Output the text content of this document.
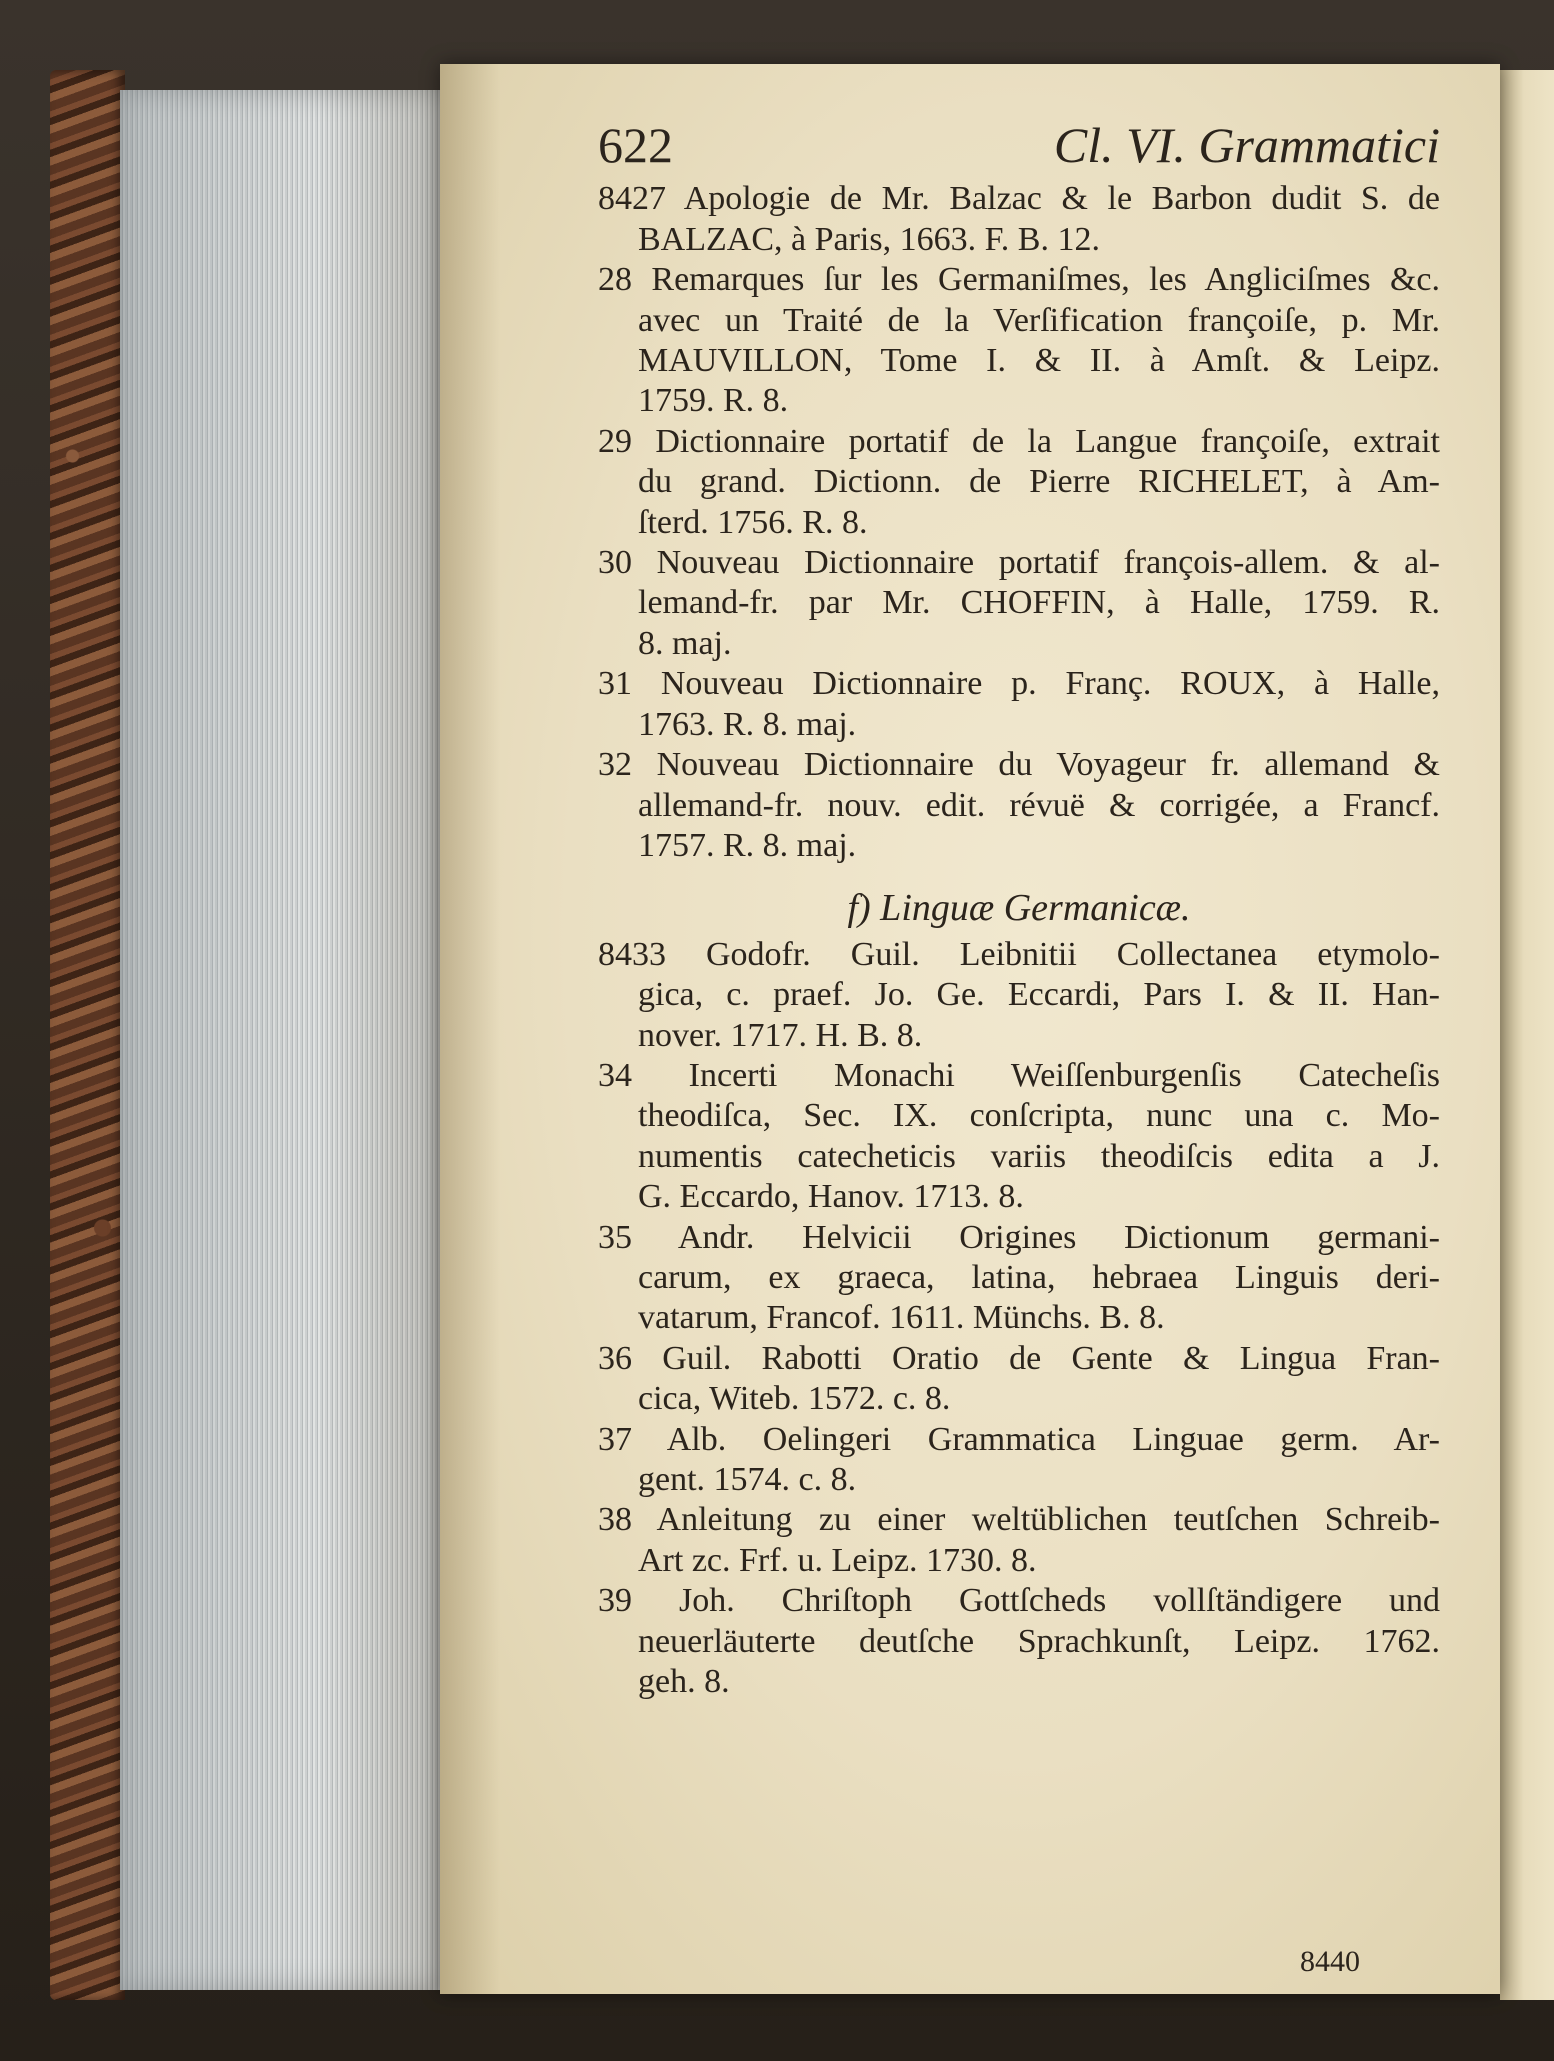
622	Cl. VI. Grammatici
8427 Apologie de Mr. Balzac & le Barbon dudit S. de
BALZAC, à Paris, 1663. F. B. 12.
28 Remarques ſur les Germaniſmes, les Angliciſmes &c.
avec un Traité de la Verſification françoiſe, p. Mr.
MAUVILLON, Tome I. & II. à Amſt. & Leipz.
1759. R. 8.
29 Dictionnaire portatif de la Langue françoiſe, extrait
du grand. Dictionn. de Pierre RICHELET, à Am-
ſterd. 1756. R. 8.
30 Nouveau Dictionnaire portatif françois-allem. & al-
lemand-fr. par Mr. CHOFFIN, à Halle, 1759. R.
8. maj.
31 Nouveau Dictionnaire p. Franç. ROUX, à Halle,
1763. R. 8. maj.
32 Nouveau Dictionnaire du Voyageur fr. allemand &
allemand-fr. nouv. edit. révuë & corrigée, a Francf.
1757. R. 8. maj.
f) Linguæ Germanicæ.
8433 Godofr. Guil. Leibnitii Collectanea etymolo-
gica, c. praef. Jo. Ge. Eccardi, Pars I. & II. Han-
nover. 1717. H. B. 8.
34 Incerti Monachi Weiſſenburgenſis Catecheſis
theodiſca, Sec. IX. conſcripta, nunc una c. Mo-
numentis catecheticis variis theodiſcis edita a J.
G. Eccardo, Hanov. 1713. 8.
35 Andr. Helvicii Origines Dictionum germani-
carum, ex graeca, latina, hebraea Linguis deri-
vatarum, Francof. 1611. Münchs. B. 8.
36 Guil. Rabotti Oratio de Gente & Lingua Fran-
cica, Witeb. 1572. c. 8.
37 Alb. Oelingeri Grammatica Linguae germ. Ar-
gent. 1574. c. 8.
38 Anleitung zu einer weltüblichen teutſchen Schreib-
Art zc. Frf. u. Leipz. 1730. 8.
39 Joh. Chriſtoph Gottſcheds vollſtändigere und
neuerläuterte deutſche Sprachkunſt, Leipz. 1762.
geh. 8.
8440
